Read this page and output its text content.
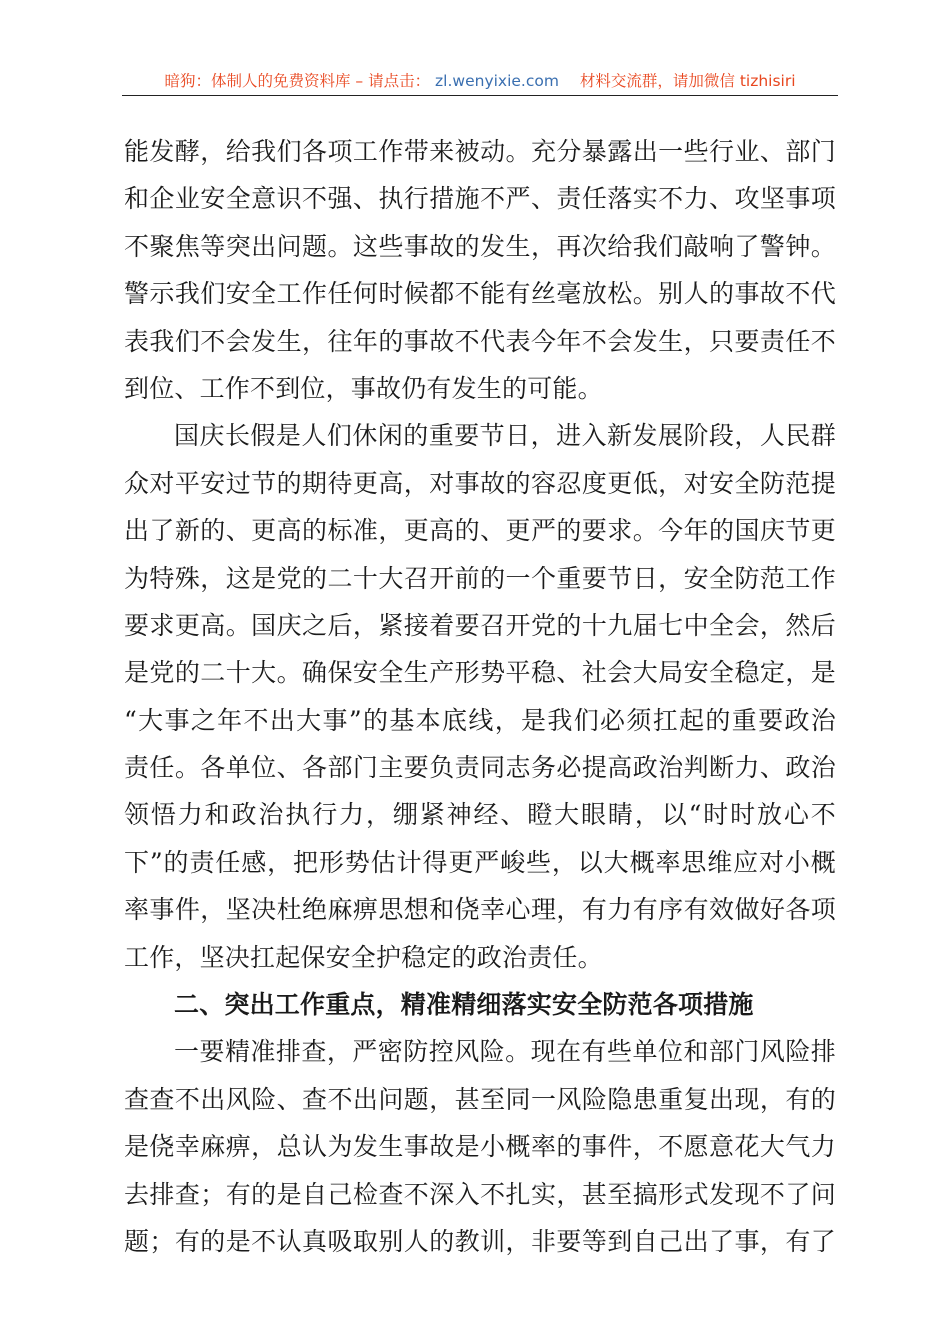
暗狗：体制人的免费资料库 – 请点击： zl.wenyixie.com 材料交流群，请加微信 tizhisiri
能发酵，给我们各项工作带来被动。充分暴露出一些行业、部门
和企业安全意识不强、执行措施不严、责任落实不力、攻坚事项
不聚焦等突出问题。这些事故的发生，再次给我们敲响了警钟。
警示我们安全工作任何时候都不能有丝毫放松。别人的事故不代
表我们不会发生，往年的事故不代表今年不会发生，只要责任不
到位、工作不到位，事故仍有发生的可能。
国庆长假是人们休闲的重要节日，进入新发展阶段，人民群
众对平安过节的期待更高，对事故的容忍度更低，对安全防范提
出了新的、更高的标准，更高的、更严的要求。今年的国庆节更
为特殊，这是党的二十大召开前的一个重要节日，安全防范工作
要求更高。国庆之后，紧接着要召开党的十九届七中全会，然后
是党的二十大。确保安全生产形势平稳、社会大局安全稳定，是
“大事之年不出大事”的基本底线，是我们必须扛起的重要政治
责任。各单位、各部门主要负责同志务必提高政治判断力、政治
领悟力和政治执行力，绷紧神经、瞪大眼睛，以“时时放心不
下”的责任感，把形势估计得更严峻些，以大概率思维应对小概
率事件，坚决杜绝麻痹思想和侥幸心理，有力有序有效做好各项
工作，坚决扛起保安全护稳定的政治责任。
二、突出工作重点，精准精细落实安全防范各项措施
一要精准排查，严密防控风险。现在有些单位和部门风险排
查查不出风险、查不出问题，甚至同一风险隐患重复出现，有的
是侥幸麻痹，总认为发生事故是小概率的事件，不愿意花大气力
去排查；有的是自己检查不深入不扎实，甚至搞形式发现不了问
题；有的是不认真吸取别人的教训，非要等到自己出了事，有了
